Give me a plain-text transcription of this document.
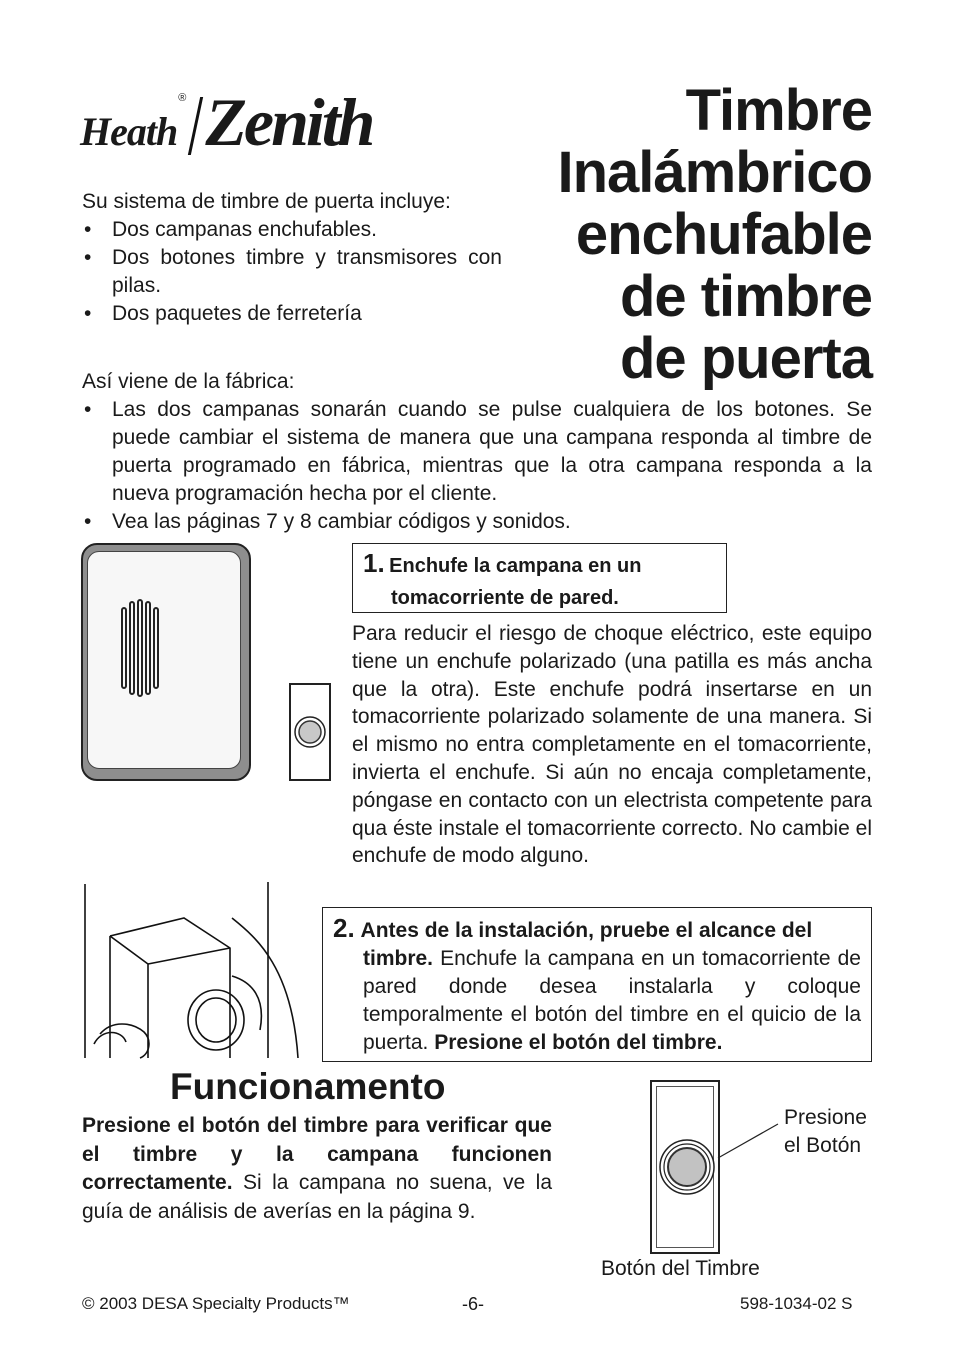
Heath® Zenith	Timbre
Inalámbrico
enchufable
de timbre
de puerta
Su sistema de timbre de puerta incluye:
• Dos campanas enchufables.
• Dos botones timbre y transmisores con pilas.
• Dos paquetes de ferretería
Así viene de la fábrica:
• Las dos campanas sonarán cuando se pulse cualquiera de los botones. Se puede cambiar el sistema de manera que una campana responda al timbre de puerta programado en fábrica, mientras que la otra campana responda a la nueva programación hecha por el cliente.
• Vea las páginas 7 y 8 cambiar códigos y sonidos.
1. Enchufe la campana en un
tomacorriente de pared.
Para reducir el riesgo de choque eléctrico, este equipo tiene un enchufe polarizado (una patilla es más ancha que la otra). Este enchufe podrá insertarse en un tomacorriente polarizado solamente de una manera. Si el mismo no entra completamente en el tomacorriente, invierta el enchufe. Si aún no encaja completamente, póngase en contacto con un electrista competente para qua éste instale el tomacorriente correcto. No cambie el enchufe de modo alguno.
2. Antes de la instalación, pruebe el alcance del
timbre. Enchufe la campana en un tomacorriente de pared donde desea instalarla y coloque temporalmente el botón del timbre en el quicio de la puerta. Presione el botón del timbre.
Funcionamento
Presione el botón del timbre para verificar que el timbre y la campana funcionen correctamente. Si la campana no suena, ve la guía de análisis de averías en la página 9.
Presione
el Botón
Botón del Timbre
© 2003 DESA Specialty Products™	-6-	598-1034-02 S
